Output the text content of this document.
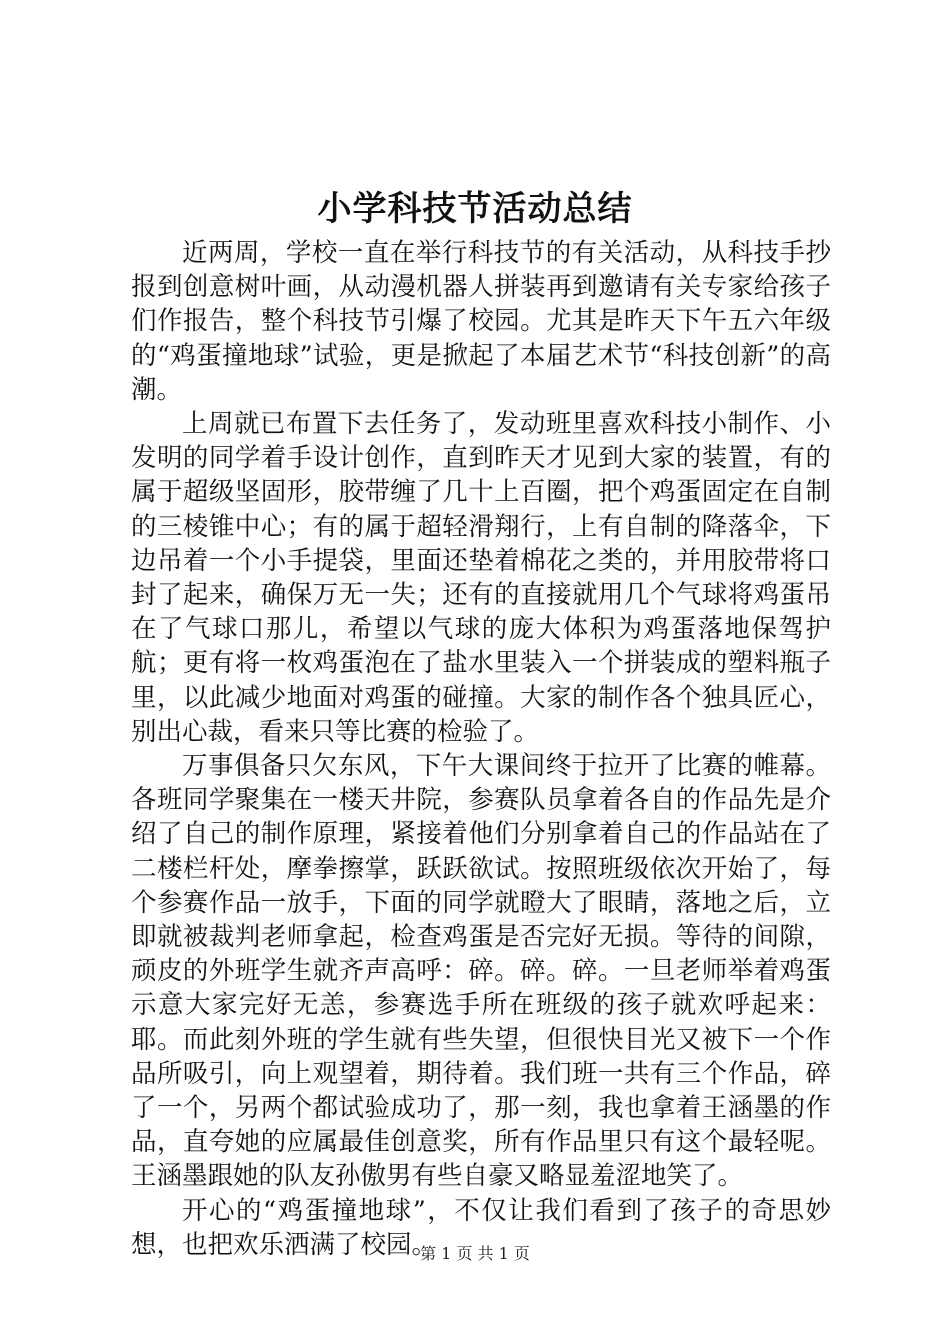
小学科技节活动总结

近两周，学校一直在举行科技节的有关活动，从科技手抄报到创意树叶画，从动漫机器人拼装再到邀请有关专家给孩子们作报告，整个科技节引爆了校园。尤其是昨天下午五六年级的“鸡蛋撞地球”试验，更是掀起了本届艺术节“科技创新”的高潮。

上周就已布置下去任务了，发动班里喜欢科技小制作、小发明的同学着手设计创作，直到昨天才见到大家的装置，有的属于超级坚固形，胶带缠了几十上百圈，把个鸡蛋固定在自制的三棱锥中心；有的属于超轻滑翔行，上有自制的降落伞，下边吊着一个小手提袋，里面还垫着棉花之类的，并用胶带将口封了起来，确保万无一失；还有的直接就用几个气球将鸡蛋吊在了气球口那儿，希望以气球的庞大体积为鸡蛋落地保驾护航；更有将一枚鸡蛋泡在了盐水里装入一个拼装成的塑料瓶子里，以此减少地面对鸡蛋的碰撞。大家的制作各个独具匠心，别出心裁，看来只等比赛的检验了。

万事俱备只欠东风，下午大课间终于拉开了比赛的帷幕。各班同学聚集在一楼天井院，参赛队员拿着各自的作品先是介绍了自己的制作原理，紧接着他们分别拿着自己的作品站在了二楼栏杆处，摩拳擦掌，跃跃欲试。按照班级依次开始了，每个参赛作品一放手，下面的同学就瞪大了眼睛，落地之后，立即就被裁判老师拿起，检查鸡蛋是否完好无损。等待的间隙，顽皮的外班学生就齐声高呼：碎。碎。碎。一旦老师举着鸡蛋示意大家完好无恙，参赛选手所在班级的孩子就欢呼起来：耶。而此刻外班的学生就有些失望，但很快目光又被下一个作品所吸引，向上观望着，期待着。我们班一共有三个作品，碎了一个，另两个都试验成功了，那一刻，我也拿着王涵墨的作品，直夸她的应属最佳创意奖，所有作品里只有这个最轻呢。王涵墨跟她的队友孙傲男有些自豪又略显羞涩地笑了。

开心的“鸡蛋撞地球”，不仅让我们看到了孩子的奇思妙想，也把欢乐洒满了校园。

第 1 页 共 1 页
